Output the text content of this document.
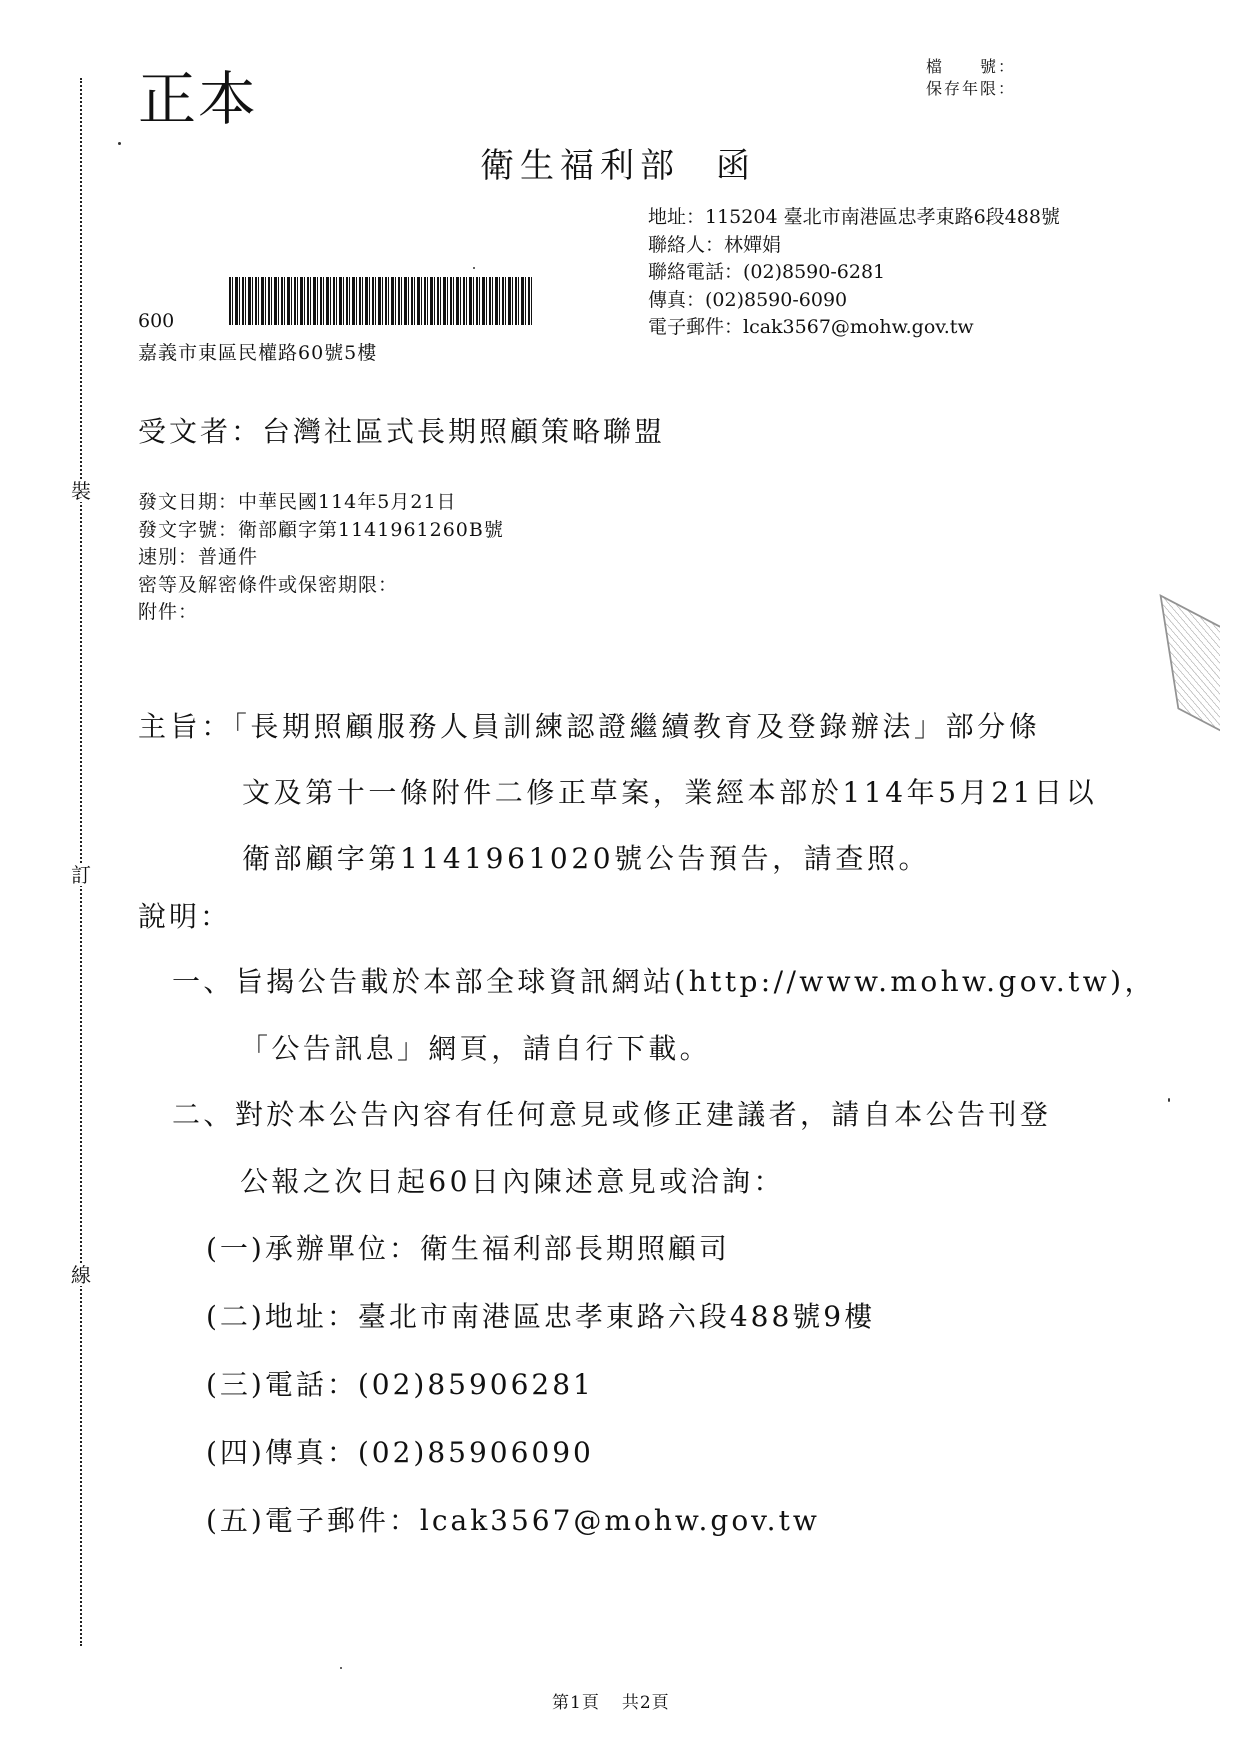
裝
訂
線
正本	檔　　號：
保存年限：
衛生福利部 函
地址：115204 臺北市南港區忠孝東路6段488號
聯絡人：林嬋娟
聯絡電話：(02)8590-6281
傳真：(02)8590-6090
電子郵件：lcak3567@mohw.gov.tw
600
嘉義市東區民權路60號5樓
受文者：台灣社區式長期照顧策略聯盟
發文日期：中華民國114年5月21日
發文字號：衛部顧字第1141961260B號
速別：普通件
密等及解密條件或保密期限：
附件：
主旨：「長期照顧服務人員訓練認證繼續教育及登錄辦法」部分條
文及第十一條附件二修正草案，業經本部於114年5月21日以
衛部顧字第1141961020號公告預告，請查照。
說明：
一、旨揭公告載於本部全球資訊網站(http://www.mohw.gov.tw)，
「公告訊息」網頁，請自行下載。
二、對於本公告內容有任何意見或修正建議者，請自本公告刊登
公報之次日起60日內陳述意見或洽詢：
(一)承辦單位：衛生福利部長期照顧司
(二)地址：臺北市南港區忠孝東路六段488號9樓
(三)電話：(02)85906281
(四)傳真：(02)85906090
(五)電子郵件：lcak3567@mohw.gov.tw
第1頁 共2頁
